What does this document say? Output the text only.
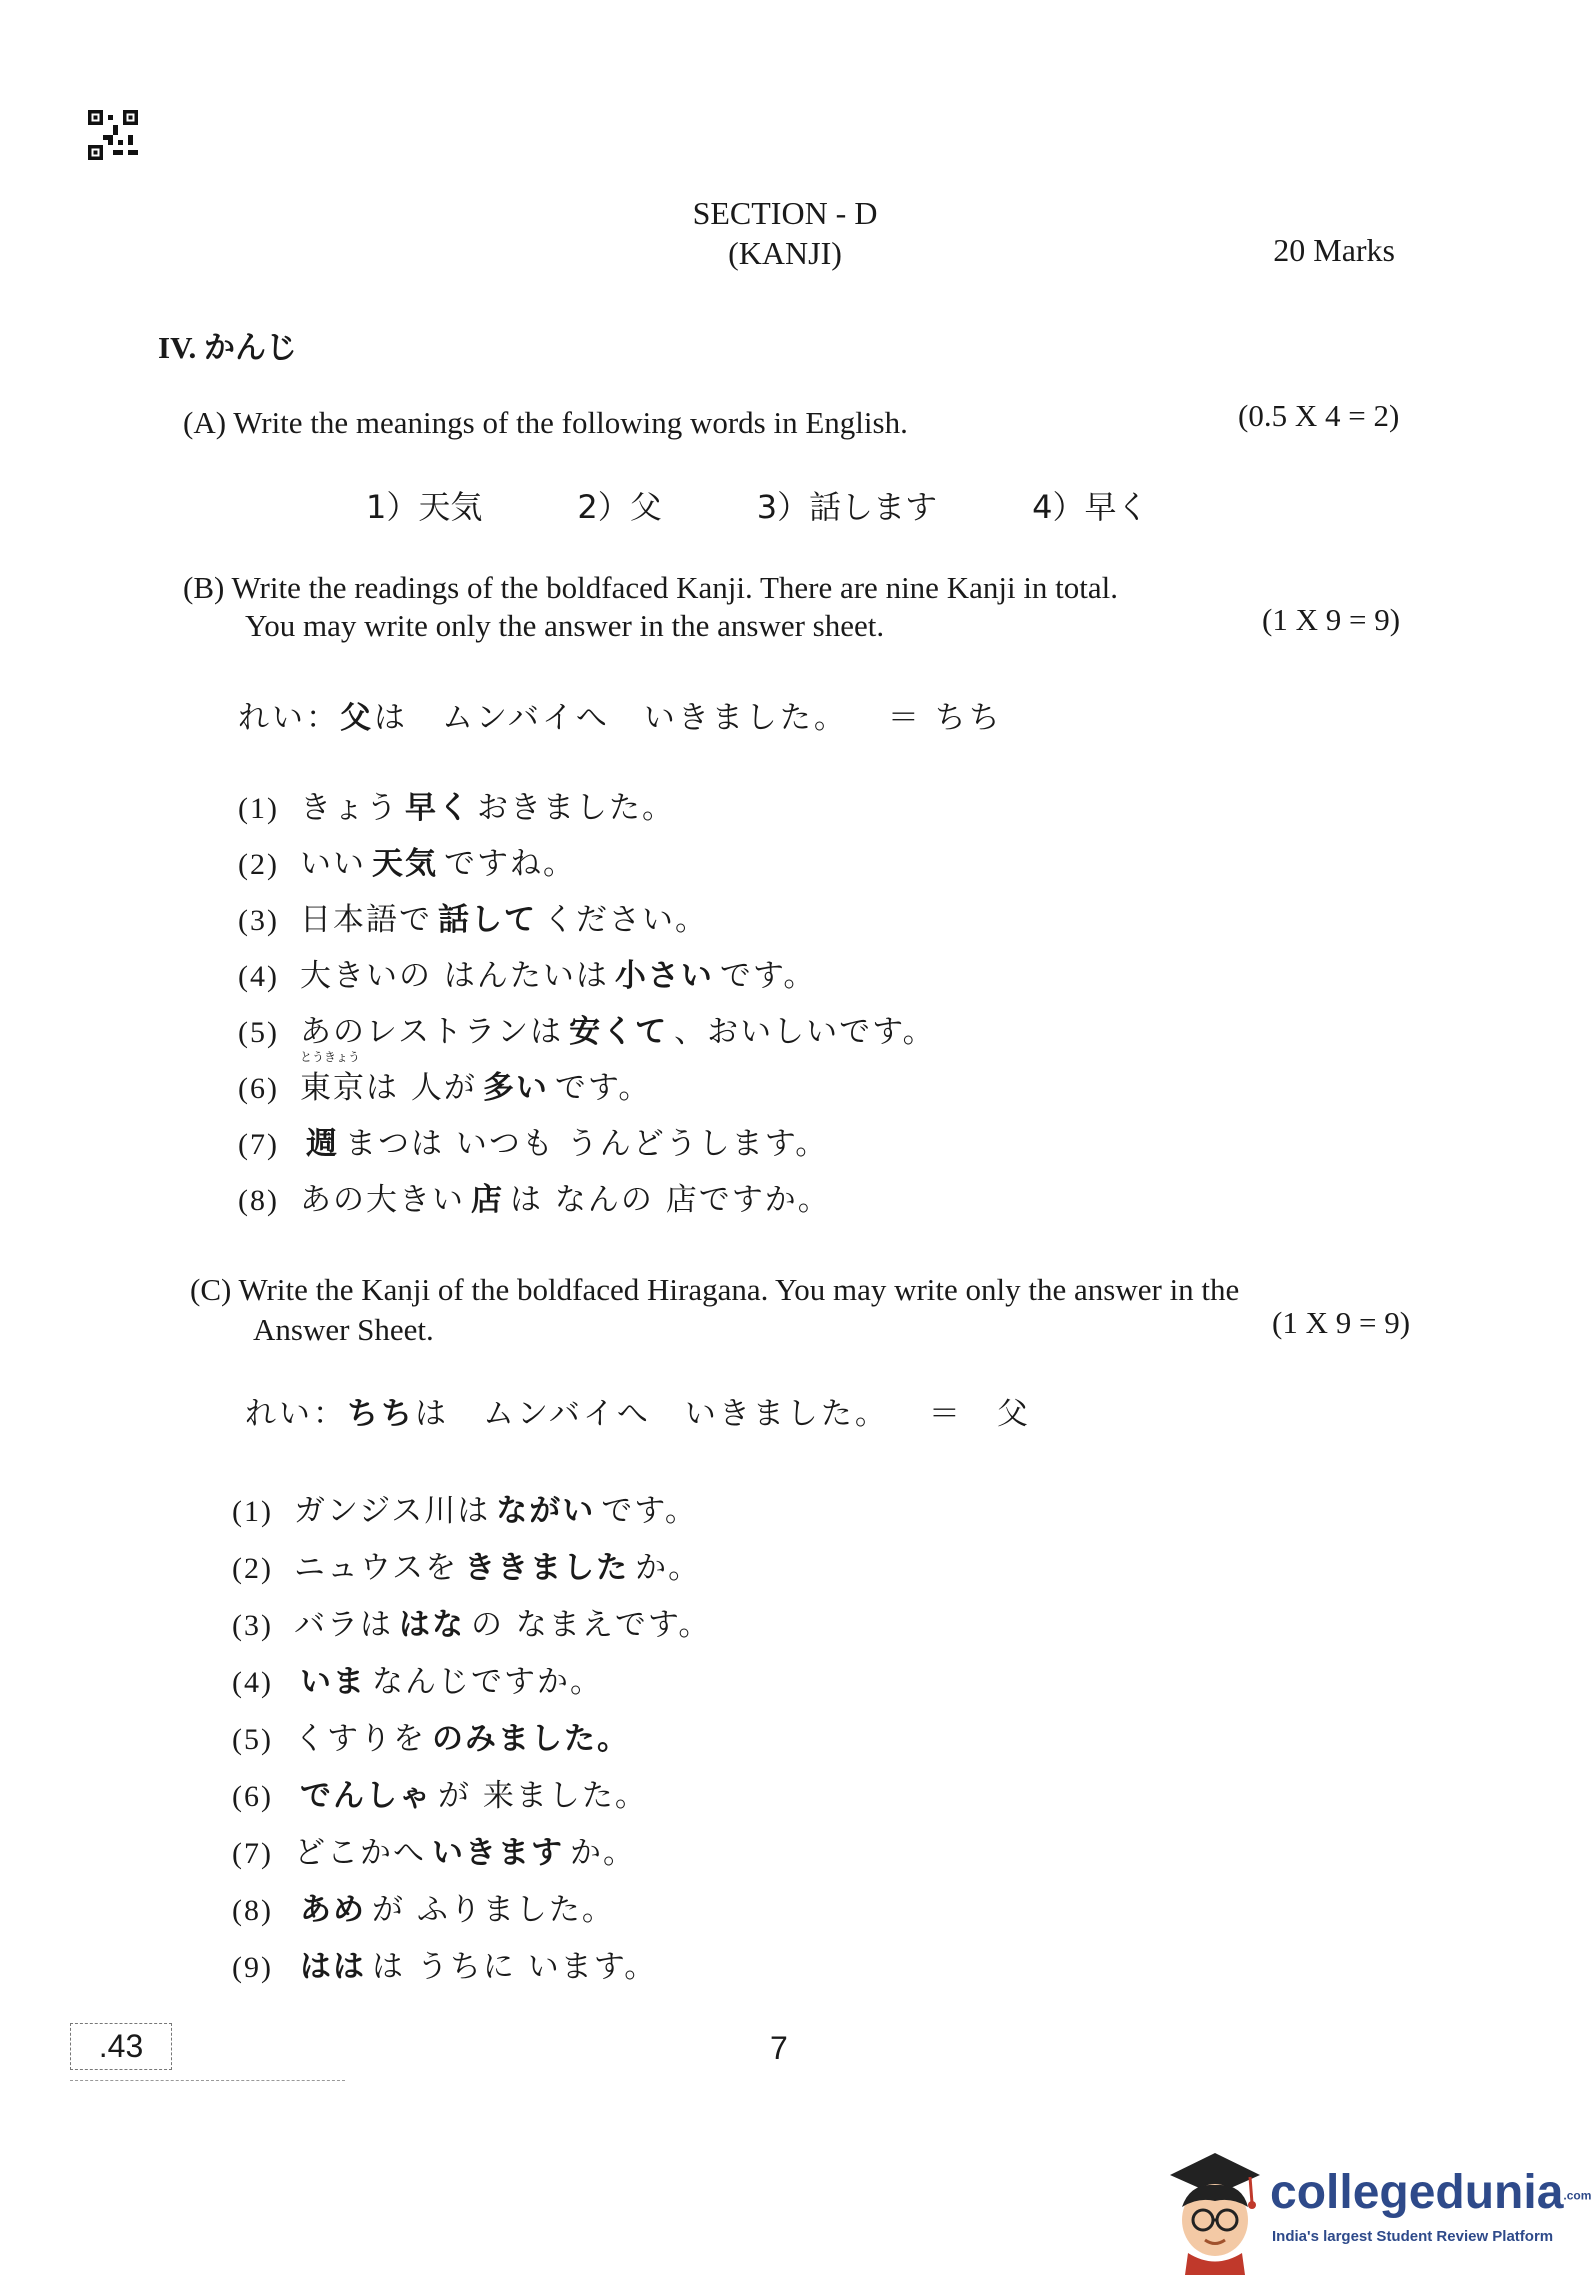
SECTION - D
(KANJI)	20 Marks
IV. かんじ
(A) Write the meanings of the following words in English.	(0.5 X 4 = 2)
1）天気	2）父	3）話します	4）早く
(B) Write the readings of the boldfaced Kanji. There are nine Kanji in total.
You may write only the answer in the answer sheet.	(1 X 9 = 9)
れい：父は　ムンバイへ　いきました。 ＝ ちち
(1) きょう 早く おきました。
(2) いい 天気 ですね。
(3) 日本語で 話して ください。
(4) 大きいの はんたいは 小さい です。
(5) あのレストランは 安くて 、おいしいです。
(6)
とうきょう
東京は 人が 多い です。
(7) 週 まつは いつも うんどうします。
(8) あの大きい 店 は なんの 店ですか。
(C) Write the Kanji of the boldfaced Hiragana. You may write only the answer in the
Answer Sheet.	(1 X 9 = 9)
れい：ちちは　ムンバイへ　いきました。 ＝　父
(1) ガンジス川は ながい です。
(2) ニュウスを ききました か。
(3) バラは はな の なまえです。
(4) いま なんじですか。
(5) くすりを のみました。
(6) でんしゃ が 来ました。
(7) どこかへ いきます か。
(8) あめ が ふりました。
(9) はは は うちに います。
.43	7
collegedunia.com
India's largest Student Review Platform
